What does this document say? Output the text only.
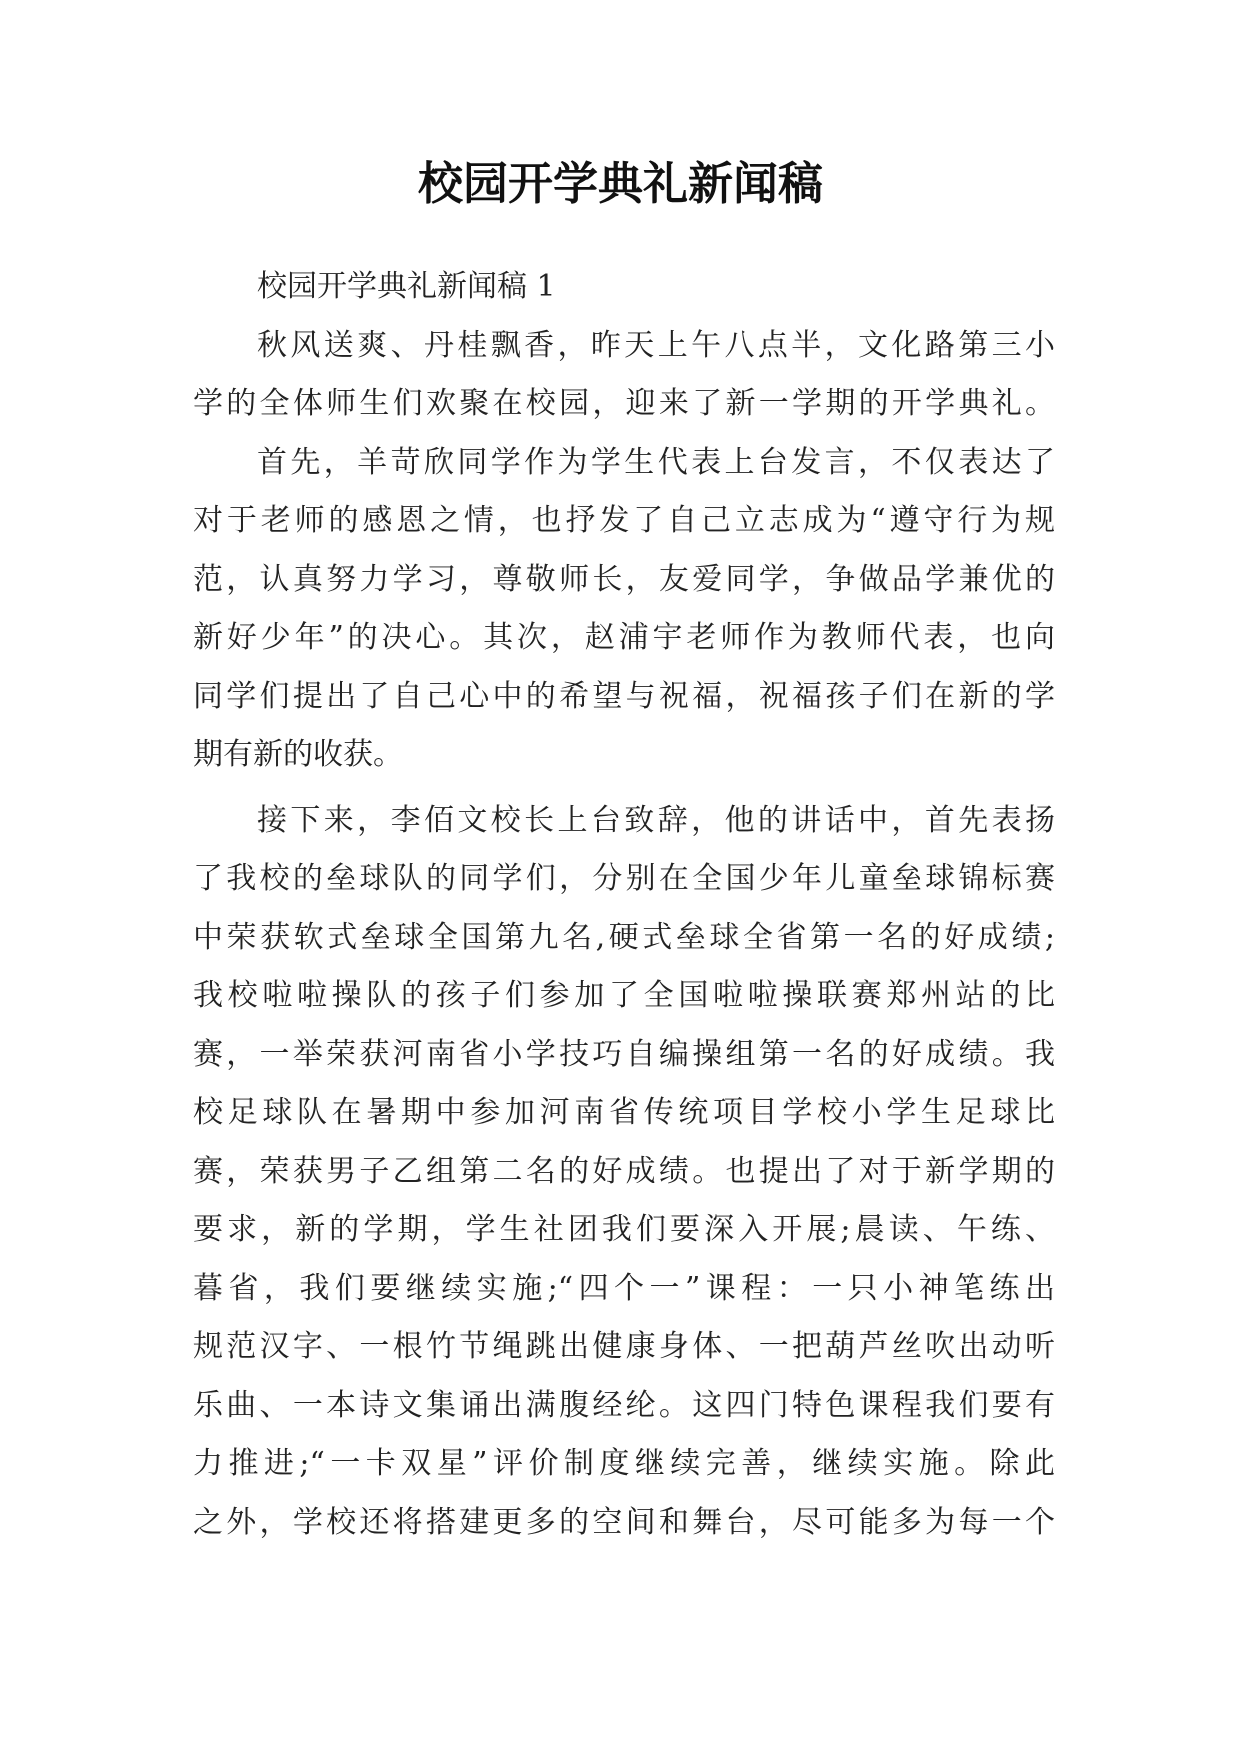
校园开学典礼新闻稿

校园开学典礼新闻稿 1

秋风送爽、丹桂飘香，昨天上午八点半，文化路第三小

学的全体师生们欢聚在校园，迎来了新一学期的开学典礼。

首先，羊苛欣同学作为学生代表上台发言，不仅表达了

对于老师的感恩之情，也抒发了自己立志成为“遵守行为规

范，认真努力学习，尊敬师长，友爱同学，争做品学兼优的

新好少年”的决心。其次，赵浦宇老师作为教师代表，也向

同学们提出了自己心中的希望与祝福，祝福孩子们在新的学

期有新的收获。

接下来，李佰文校长上台致辞，他的讲话中，首先表扬

了我校的垒球队的同学们，分别在全国少年儿童垒球锦标赛

中荣获软式垒球全国第九名,硬式垒球全省第一名的好成绩;

我校啦啦操队的孩子们参加了全国啦啦操联赛郑州站的比

赛，一举荣获河南省小学技巧自编操组第一名的好成绩。我

校足球队在暑期中参加河南省传统项目学校小学生足球比

赛，荣获男子乙组第二名的好成绩。也提出了对于新学期的

要求，新的学期，学生社团我们要深入开展;晨读、午练、

暮省，我们要继续实施;“四个一”课程：一只小神笔练出

规范汉字、一根竹节绳跳出健康身体、一把葫芦丝吹出动听

乐曲、一本诗文集诵出满腹经纶。这四门特色课程我们要有

力推进;“一卡双星”评价制度继续完善，继续实施。除此

之外，学校还将搭建更多的空间和舞台，尽可能多为每一个
